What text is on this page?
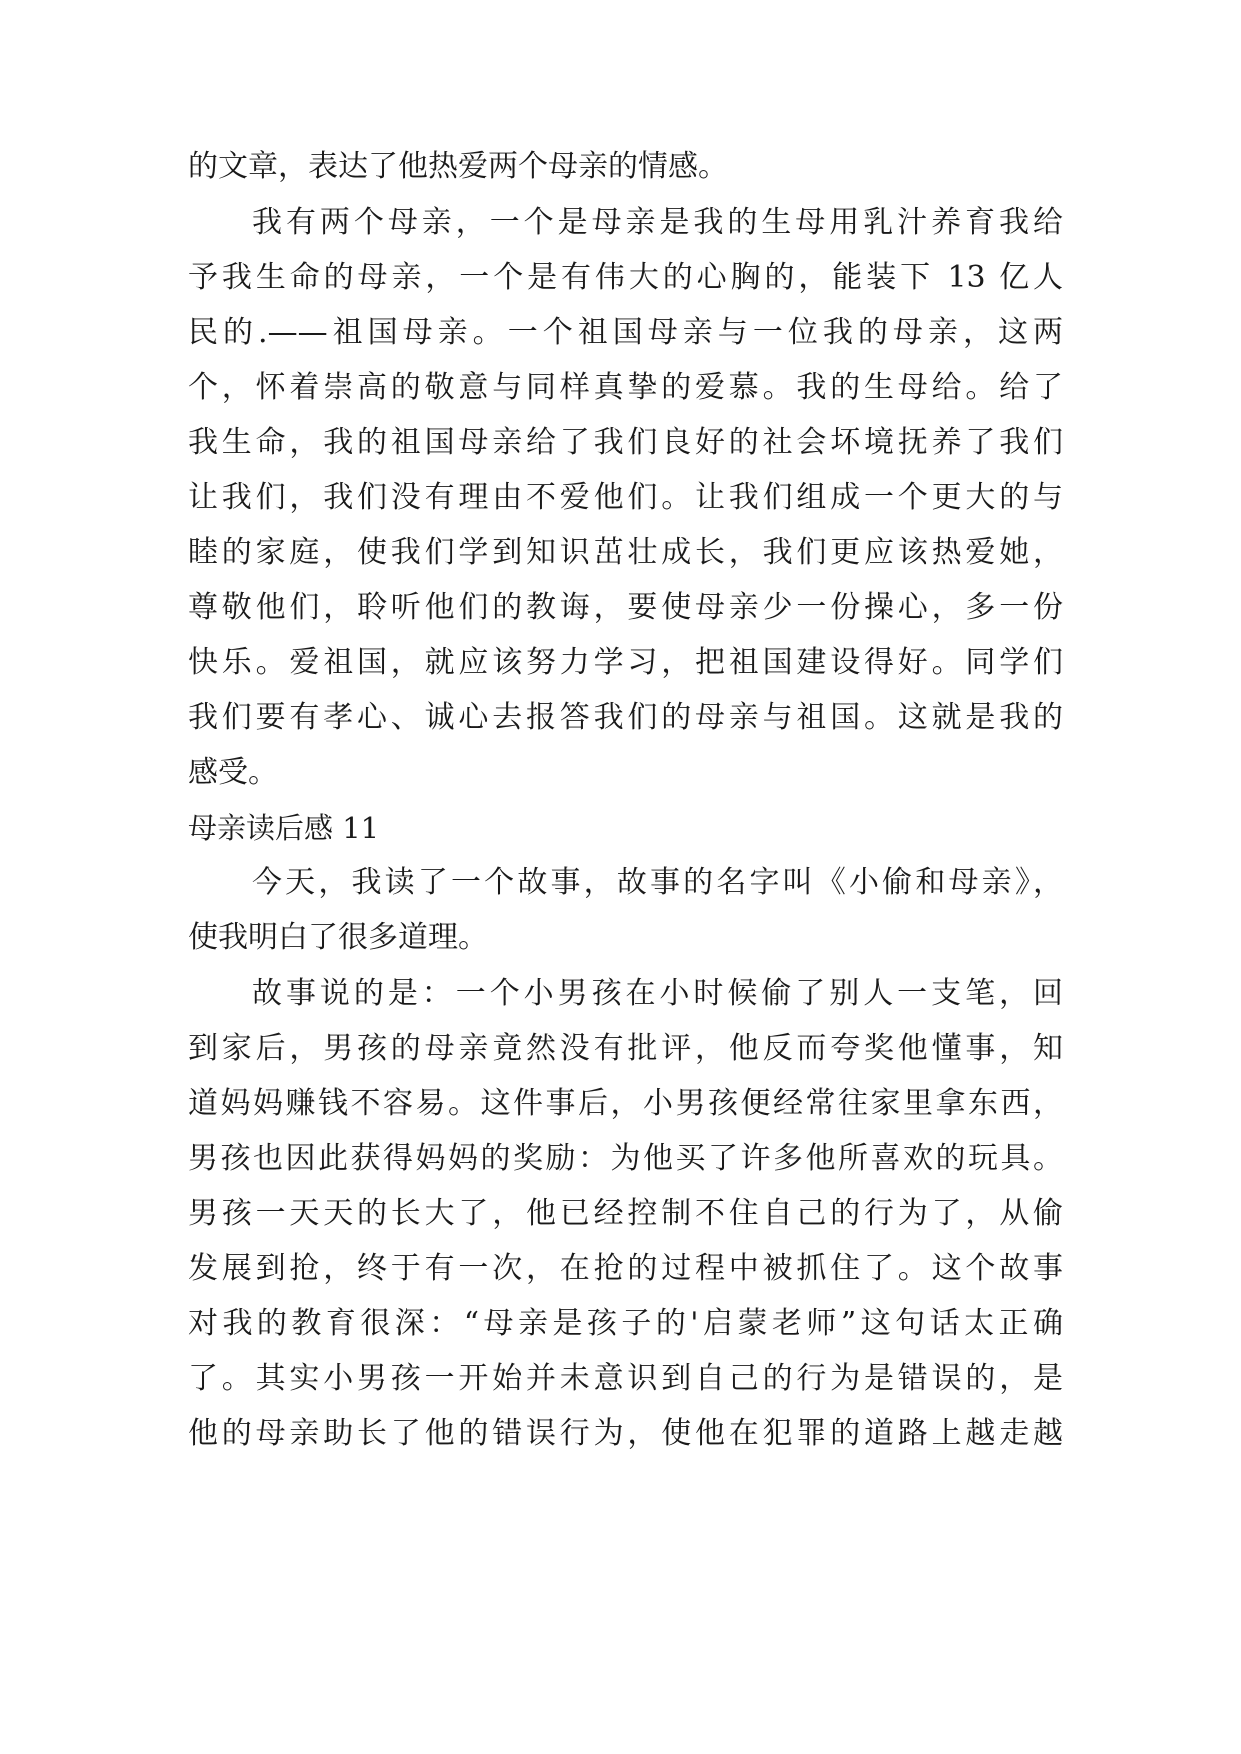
的文章，表达了他热爱两个母亲的情感。
我有两个母亲，一个是母亲是我的生母用乳汁养育我给
予我生命的母亲，一个是有伟大的心胸的，能装下 13 亿人
民的.——祖国母亲。一个祖国母亲与一位我的母亲，这两
个，怀着崇高的敬意与同样真挚的爱慕。我的生母给。给了
我生命，我的祖国母亲给了我们良好的社会坏境抚养了我们
让我们，我们没有理由不爱他们。让我们组成一个更大的与
睦的家庭，使我们学到知识茁壮成长，我们更应该热爱她，
尊敬他们，聆听他们的教诲，要使母亲少一份操心，多一份
快乐。爱祖国，就应该努力学习，把祖国建设得好。同学们
我们要有孝心、诚心去报答我们的母亲与祖国。这就是我的
感受。
母亲读后感 11
今天，我读了一个故事，故事的名字叫《小偷和母亲》，
使我明白了很多道理。
故事说的是：一个小男孩在小时候偷了别人一支笔，回
到家后，男孩的母亲竟然没有批评，他反而夸奖他懂事，知
道妈妈赚钱不容易。这件事后，小男孩便经常往家里拿东西，
男孩也因此获得妈妈的奖励：为他买了许多他所喜欢的玩具。
男孩一天天的长大了，他已经控制不住自己的行为了，从偷
发展到抢，终于有一次，在抢的过程中被抓住了。这个故事
对我的教育很深：“母亲是孩子的'启蒙老师”这句话太正确
了。其实小男孩一开始并未意识到自己的行为是错误的，是
他的母亲助长了他的错误行为，使他在犯罪的道路上越走越
